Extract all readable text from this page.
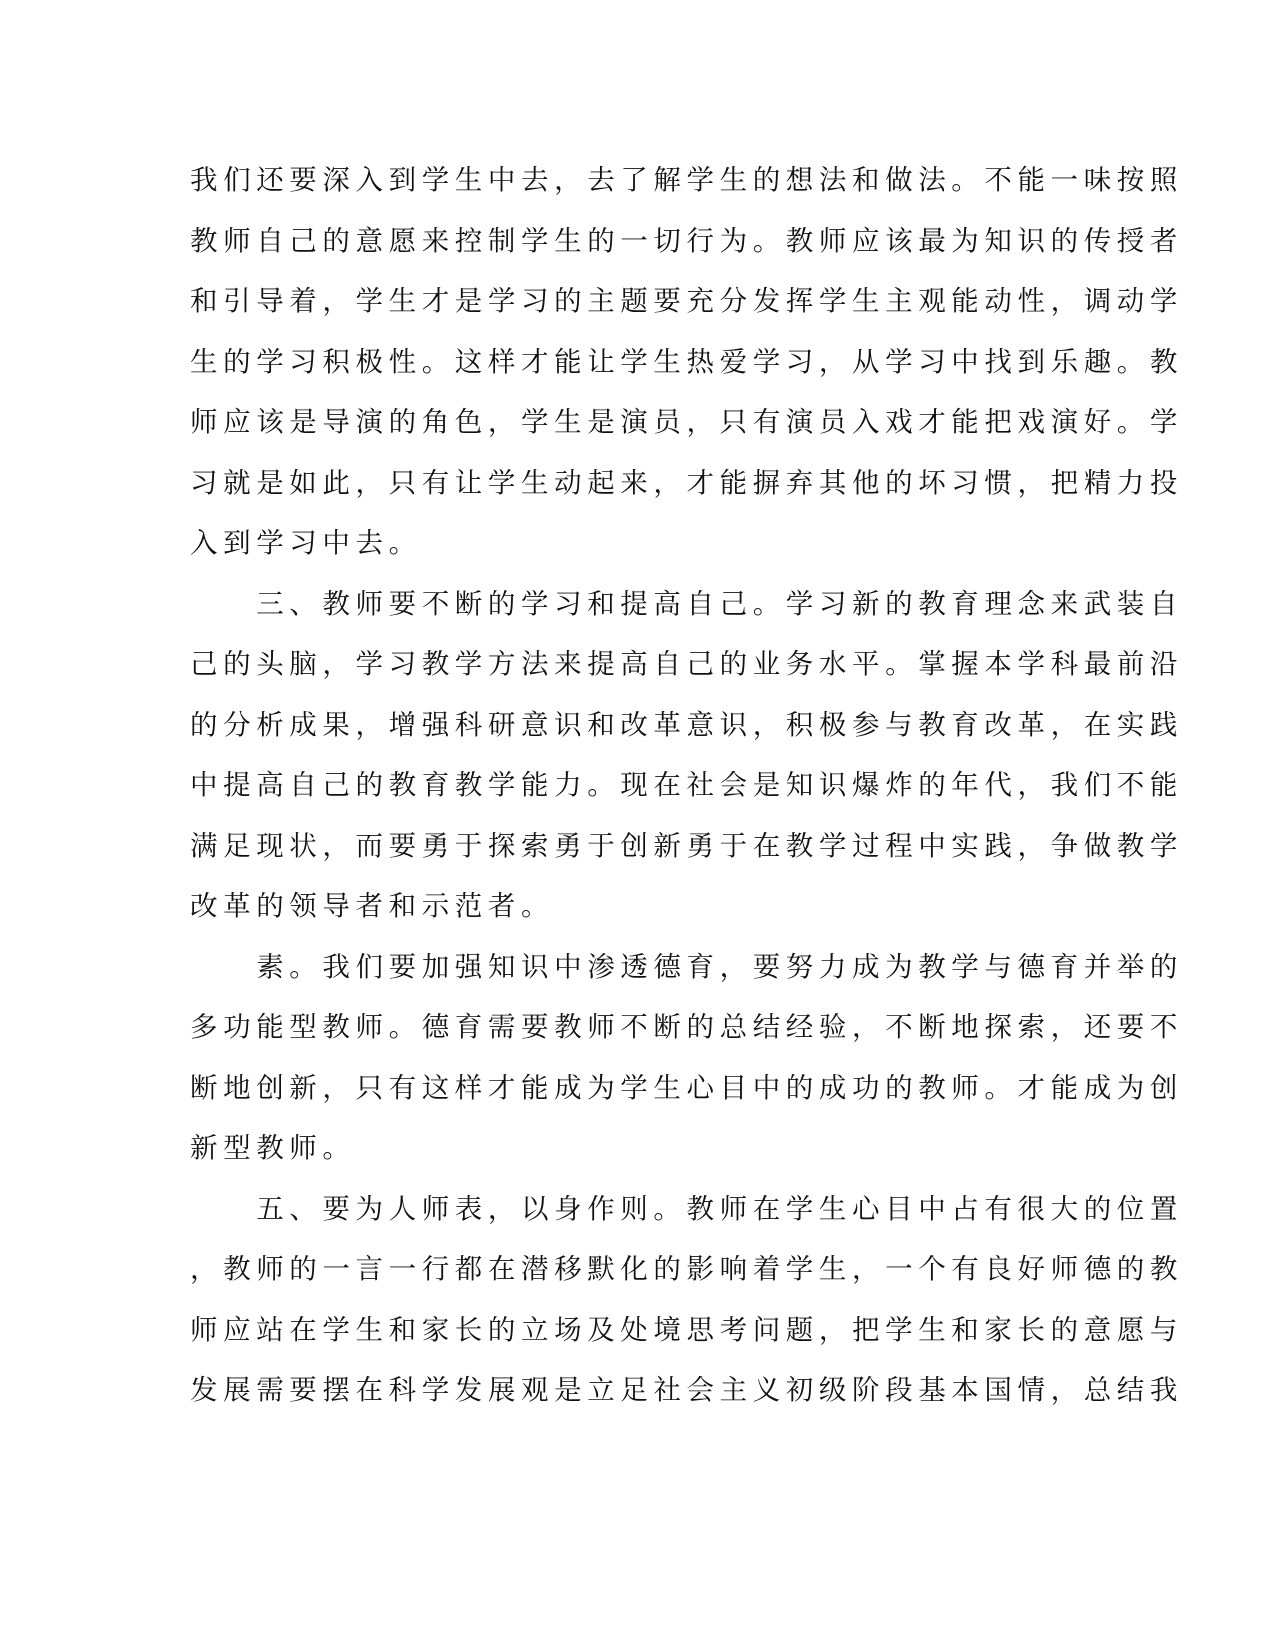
我们还要深入到学生中去，去了解学生的想法和做法。不能一味按照
教师自己的意愿来控制学生的一切行为。教师应该最为知识的传授者
和引导着，学生才是学习的主题要充分发挥学生主观能动性，调动学
生的学习积极性。这样才能让学生热爱学习，从学习中找到乐趣。教
师应该是导演的角色，学生是演员，只有演员入戏才能把戏演好。学
习就是如此，只有让学生动起来，才能摒弃其他的坏习惯，把精力投
入到学习中去。
　　三、教师要不断的学习和提高自己。学习新的教育理念来武装自
己的头脑，学习教学方法来提高自己的业务水平。掌握本学科最前沿
的分析成果，增强科研意识和改革意识，积极参与教育改革，在实践
中提高自己的教育教学能力。现在社会是知识爆炸的年代，我们不能
满足现状，而要勇于探索勇于创新勇于在教学过程中实践，争做教学
改革的领导者和示范者。
　　素。我们要加强知识中渗透德育，要努力成为教学与德育并举的
多功能型教师。德育需要教师不断的总结经验，不断地探索，还要不
断地创新，只有这样才能成为学生心目中的成功的教师。才能成为创
新型教师。
　　五、要为人师表，以身作则。教师在学生心目中占有很大的位置
，教师的一言一行都在潜移默化的影响着学生，一个有良好师德的教
师应站在学生和家长的立场及处境思考问题，把学生和家长的意愿与
发展需要摆在科学发展观是立足社会主义初级阶段基本国情，总结我
